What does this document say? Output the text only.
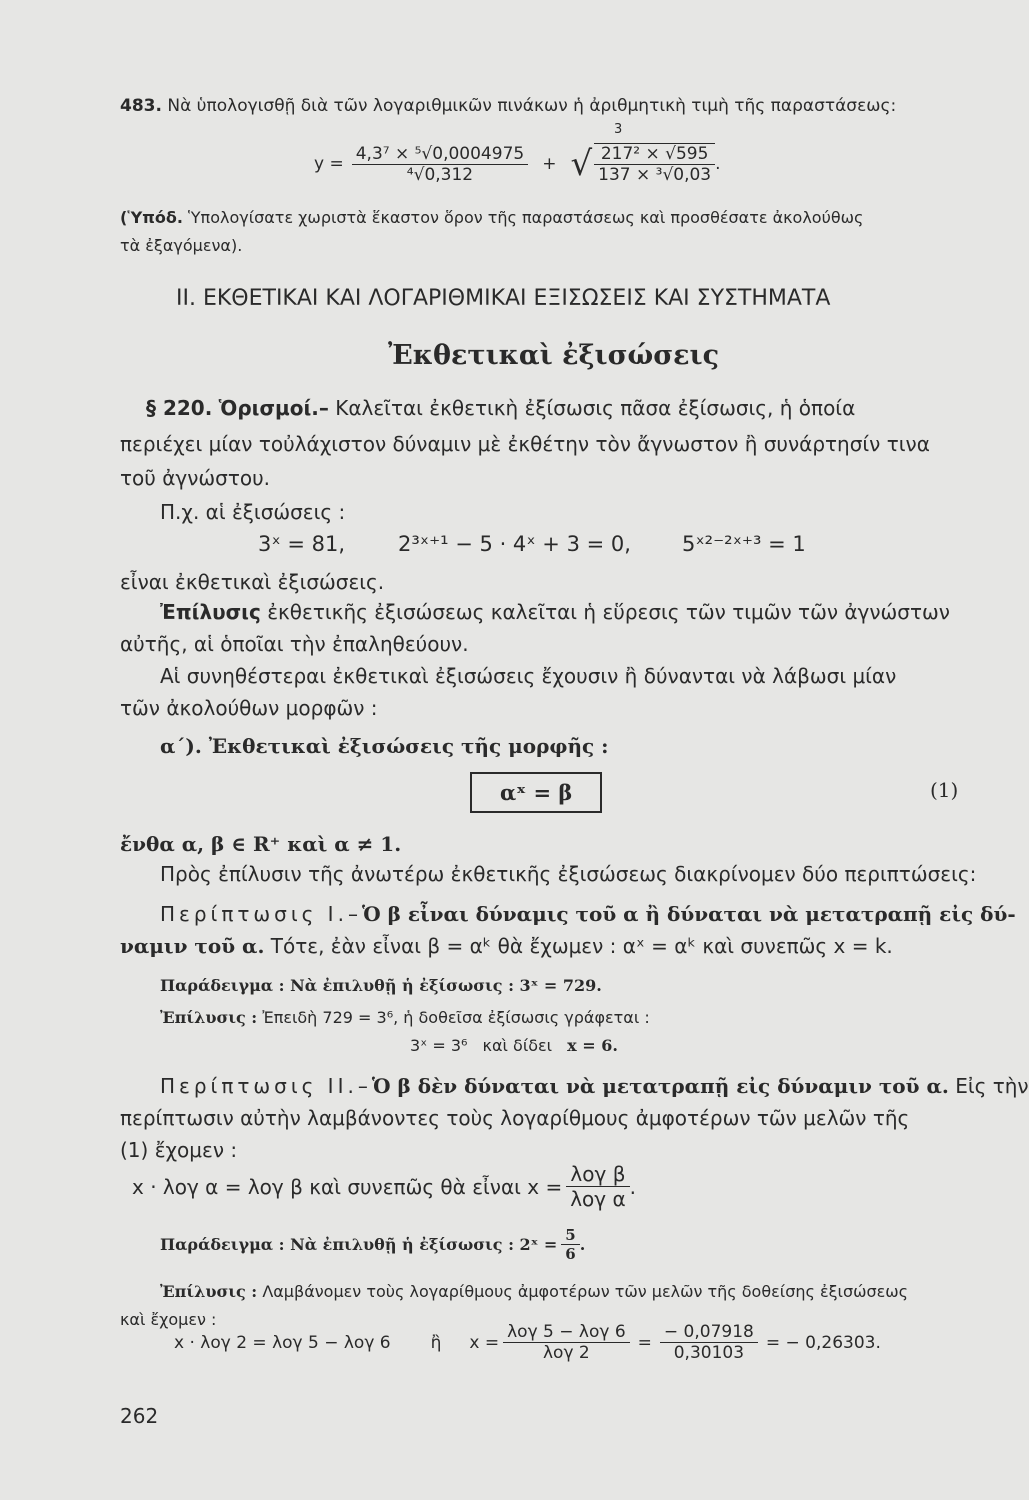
483. Νὰ ὑπολογισθῇ διὰ τῶν λογαριθμικῶν πινάκων ἡ ἀριθμητικὴ τιμὴ τῆς παραστάσεως:
3
$y = \frac{\text{4,3⁷ × ⁵√0,0004975}}{\text{⁴√0,312}}$ + √ $\frac{\text{217² × √595}}{\text{137 × ³√0,03}}$ .
(Ὑπόδ. Ὑπολογίσατε χωριστὰ ἕκαστον ὅρον τῆς παραστάσεως καὶ προσθέσατε ἀκολούθως
τὰ ἐξαγόμενα).
ΙΙ. ΕΚΘΕΤΙΚΑΙ ΚΑΙ ΛΟΓΑΡΙΘΜΙΚΑΙ ΕΞΙΣΩΣΕΙΣ ΚΑΙ ΣΥΣΤΗΜΑΤΑ
Ἐκθετικαὶ ἐξισώσεις
§ 220. Ὁρισμοί.– Καλεῖται ἐκθετικὴ ἐξίσωσις πᾶσα ἐξίσωσις, ἡ ὁποία
περιέχει μίαν τοὐλάχιστον δύναμιν μὲ ἐκθέτην τὸν ἄγνωστον ἢ συνάρτησίν τινα
τοῦ ἀγνώστου.
Π.χ. αἱ ἐξισώσεις :
3ˣ = 81,	2³ˣ⁺¹ − 5 · 4ˣ + 3 = 0, 5ˣ²⁻²ˣ⁺³ = 1
εἶναι ἐκθετικαὶ ἐξισώσεις.
Ἐπίλυσις ἐκθετικῆς ἐξισώσεως καλεῖται ἡ εὕρεσις τῶν τιμῶν τῶν ἀγνώστων
αὐτῆς, αἱ ὁποῖαι τὴν ἐπαληθεύουν.
Αἱ συνηθέστεραι ἐκθετικαὶ ἐξισώσεις ἔχουσιν ἢ δύνανται νὰ λάβωσι μίαν
τῶν ἀκολούθων μορφῶν :
α΄). Ἐκθετικαὶ ἐξισώσεις τῆς μορφῆς :
αˣ = β	(1)
ἔνθα α, β ∈ R⁺ καὶ α ≠ 1.
Πρὸς ἐπίλυσιν τῆς ἀνωτέρω ἐκθετικῆς ἐξισώσεως διακρίνομεν δύο περιπτώσεις:
Περίπτωσις Ι.–Ὁ β εἶναι δύναμις τοῦ α ἢ δύναται νὰ μετατραπῇ εἰς δύ-
ναμιν τοῦ α. Τότε, ἐὰν εἶναι β = αᵏ θὰ ἔχωμεν : αˣ = αᵏ καὶ συνεπῶς x = k.
Παράδειγμα : Νὰ ἐπιλυθῇ ἡ ἐξίσωσις : 3ˣ = 729.
Ἐπίλυσις : Ἐπειδὴ 729 = 3⁶, ἡ δοθεῖσα ἐξίσωσις γράφεται :
3ˣ = 3⁶ καὶ δίδει x = 6.
Περίπτωσις ΙΙ.–Ὁ β δὲν δύναται νὰ μετατραπῇ εἰς δύναμιν τοῦ α. Εἰς τὴν
περίπτωσιν αὐτὴν λαμβάνοντες τοὺς λογαρίθμους ἀμφοτέρων τῶν μελῶν τῆς
(1) ἔχομεν :
x · λογ α = λογ β καὶ συνεπῶς θὰ εἶναι $x = \frac{\text{λογ β}}{\text{λογ α}}$ .
Παράδειγμα : Νὰ ἐπιλυθῇ ἡ ἐξίσωσις : 2ˣ = $\frac{5}{6}$ .
Ἐπίλυσις : Λαμβάνομεν τοὺς λογαρίθμους ἀμφοτέρων τῶν μελῶν τῆς δοθείσης ἐξισώσεως
καὶ ἔχομεν :
x · λογ 2 = λογ 5 − λογ 6 ἢ $x = \frac{\text{λογ 5 − λογ 6}}{\text{λογ 2}} = \frac{- 0,07918}{0,30103}$ = − 0,26303.
262
